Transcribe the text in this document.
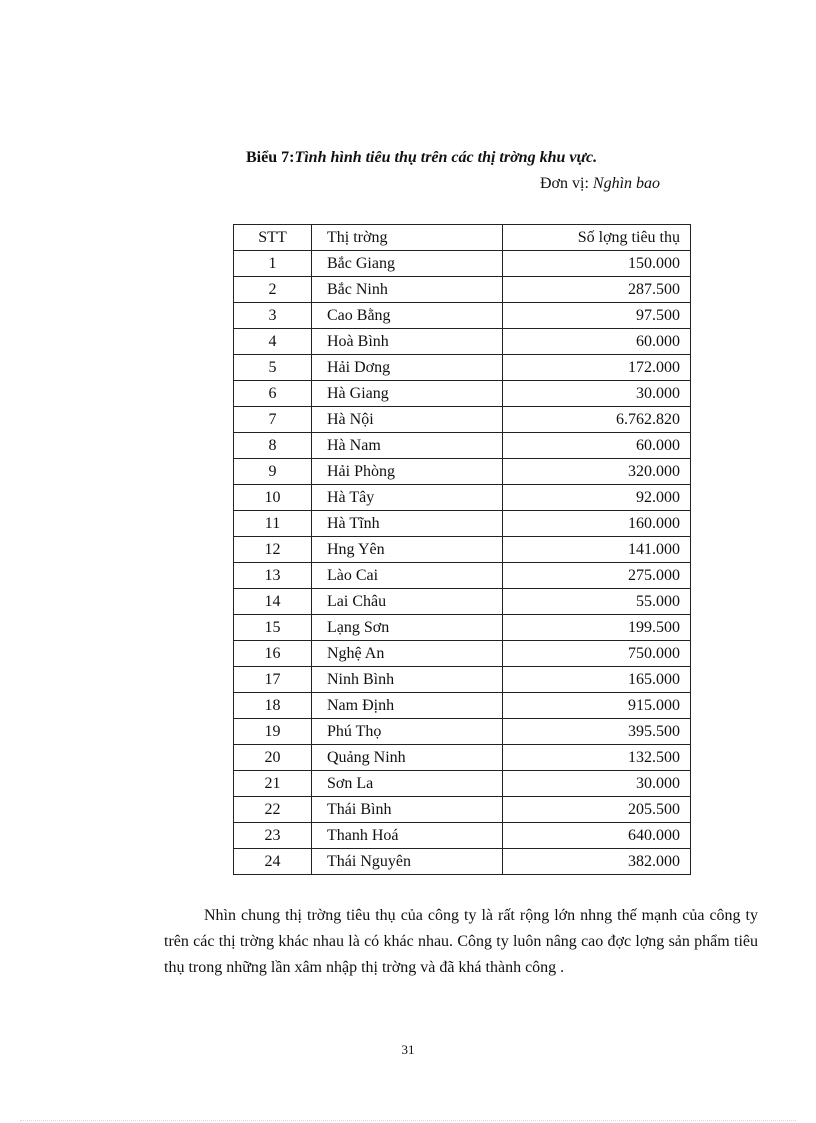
Biểu 7:Tình hình tiêu thụ trên các thị trờng khu vực.
Đơn vị: Nghìn bao
STT	Thị trờng	Số lợng tiêu thụ
1	Bắc Giang	150.000
2	Bắc Ninh	287.500
3	Cao Bằng	97.500
4	Hoà Bình	60.000
5	Hải Dơng	172.000
6	Hà Giang	30.000
7	Hà Nội	6.762.820
8	Hà Nam	60.000
9	Hải Phòng	320.000
10	Hà Tây	92.000
11	Hà Tĩnh	160.000
12	Hng Yên	141.000
13	Lào Cai	275.000
14	Lai Châu	55.000
15	Lạng Sơn	199.500
16	Nghệ An	750.000
17	Ninh Bình	165.000
18	Nam Định	915.000
19	Phú Thọ	395.500
20	Quảng Ninh	132.500
21	Sơn La	30.000
22	Thái Bình	205.500
23	Thanh Hoá	640.000
24	Thái Nguyên	382.000

Nhìn chung thị trờng tiêu thụ của công ty là rất rộng lớn nhng thế mạnh của công ty trên các thị trờng khác nhau là có khác nhau. Công ty luôn nâng cao đợc lợng sản phẩm tiêu thụ trong những lần xâm nhập thị trờng và đã khá thành công .

31
